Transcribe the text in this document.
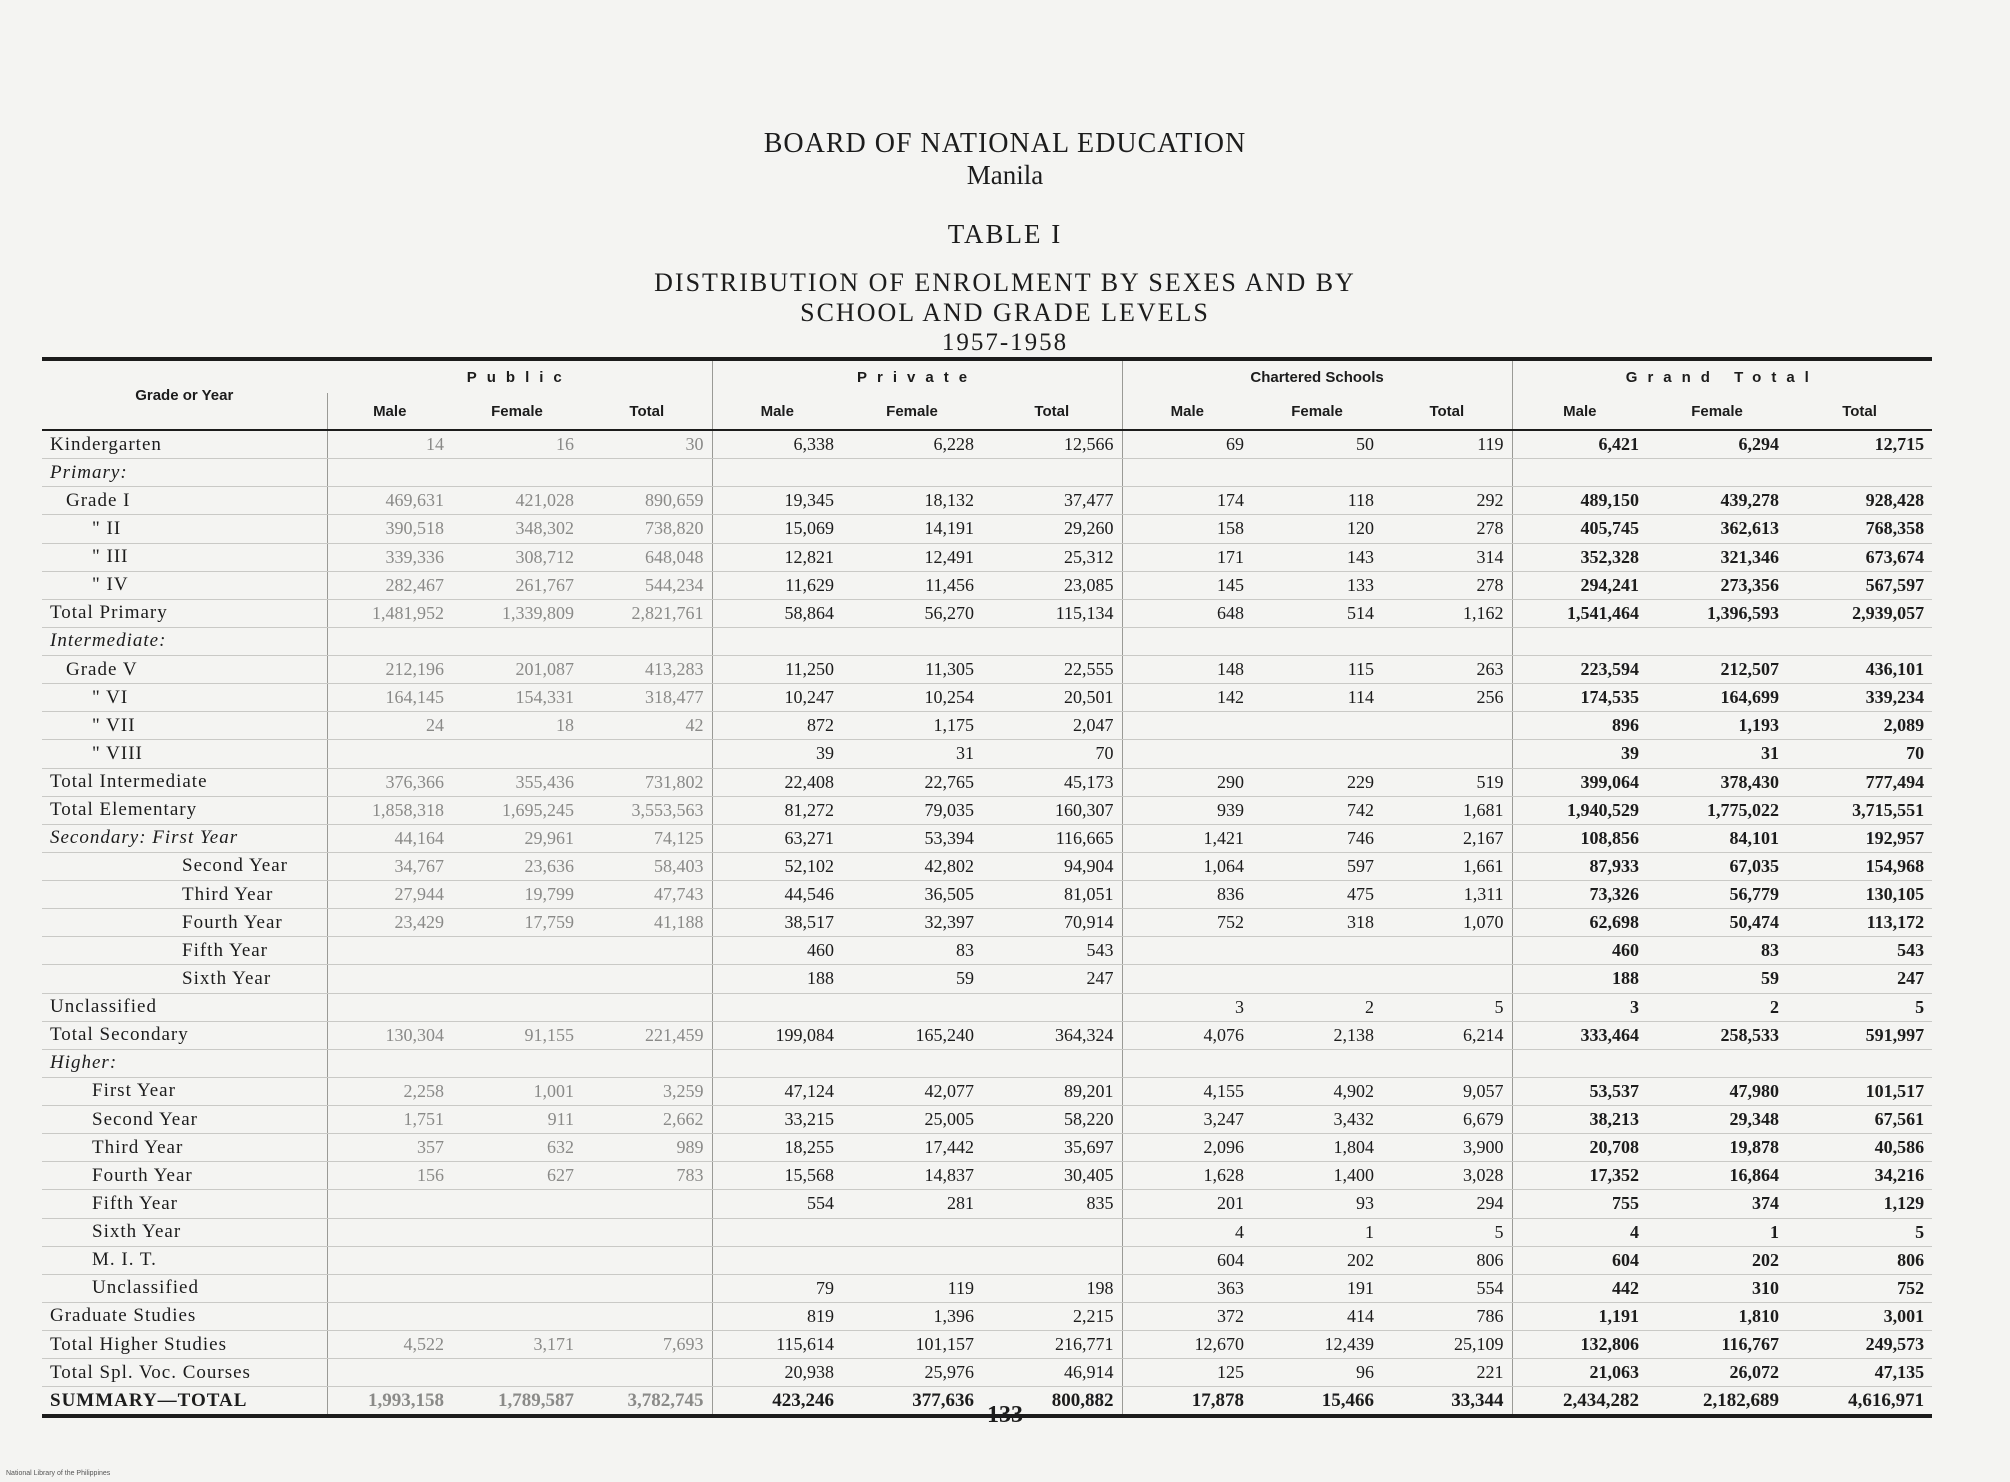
BOARD OF NATIONAL EDUCATION
Manila
TABLE I
DISTRIBUTION OF ENROLMENT BY SEXES AND BY
SCHOOL AND GRADE LEVELS
1957-1958
Grade or Year	Public			Private			Chartered Schools			Grand Total		
	Male	Female	Total	Male	Female	Total	Male	Female	Total	Male	Female	Total
Kindergarten	14	16	30	6,338	6,228	12,566	69	50	119	6,421	6,294	12,715
Primary:												
Grade I	469,631	421,028	890,659	19,345	18,132	37,477	174	118	292	489,150	439,278	928,428
" II	390,518	348,302	738,820	15,069	14,191	29,260	158	120	278	405,745	362,613	768,358
" III	339,336	308,712	648,048	12,821	12,491	25,312	171	143	314	352,328	321,346	673,674
" IV	282,467	261,767	544,234	11,629	11,456	23,085	145	133	278	294,241	273,356	567,597
Total Primary	1,481,952	1,339,809	2,821,761	58,864	56,270	115,134	648	514	1,162	1,541,464	1,396,593	2,939,057
Intermediate:												
Grade V	212,196	201,087	413,283	11,250	11,305	22,555	148	115	263	223,594	212,507	436,101
" VI	164,145	154,331	318,477	10,247	10,254	20,501	142	114	256	174,535	164,699	339,234
" VII	24	18	42	872	1,175	2,047				896	1,193	2,089
" VIII				39	31	70				39	31	70
Total Intermediate	376,366	355,436	731,802	22,408	22,765	45,173	290	229	519	399,064	378,430	777,494
Total Elementary	1,858,318	1,695,245	3,553,563	81,272	79,035	160,307	939	742	1,681	1,940,529	1,775,022	3,715,551
Secondary: First Year	44,164	29,961	74,125	63,271	53,394	116,665	1,421	746	2,167	108,856	84,101	192,957
Second Year	34,767	23,636	58,403	52,102	42,802	94,904	1,064	597	1,661	87,933	67,035	154,968
Third Year	27,944	19,799	47,743	44,546	36,505	81,051	836	475	1,311	73,326	56,779	130,105
Fourth Year	23,429	17,759	41,188	38,517	32,397	70,914	752	318	1,070	62,698	50,474	113,172
Fifth Year				460	83	543				460	83	543
Sixth Year				188	59	247				188	59	247
Unclassified							3	2	5	3	2	5
Total Secondary	130,304	91,155	221,459	199,084	165,240	364,324	4,076	2,138	6,214	333,464	258,533	591,997
Higher:												
First Year	2,258	1,001	3,259	47,124	42,077	89,201	4,155	4,902	9,057	53,537	47,980	101,517
Second Year	1,751	911	2,662	33,215	25,005	58,220	3,247	3,432	6,679	38,213	29,348	67,561
Third Year	357	632	989	18,255	17,442	35,697	2,096	1,804	3,900	20,708	19,878	40,586
Fourth Year	156	627	783	15,568	14,837	30,405	1,628	1,400	3,028	17,352	16,864	34,216
Fifth Year				554	281	835	201	93	294	755	374	1,129
Sixth Year							4	1	5	4	1	5
M. I. T.							604	202	806	604	202	806
Unclassified				79	119	198	363	191	554	442	310	752
Graduate Studies				819	1,396	2,215	372	414	786	1,191	1,810	3,001
Total Higher Studies	4,522	3,171	7,693	115,614	101,157	216,771	12,670	12,439	25,109	132,806	116,767	249,573
Total Spl. Voc. Courses				20,938	25,976	46,914	125	96	221	21,063	26,072	47,135
SUMMARY—TOTAL	1,993,158	1,789,587	3,782,745	423,246	377,636	800,882	17,878	15,466	33,344	2,434,282	2,182,689	4,616,971
133
National Library of the Philippines
